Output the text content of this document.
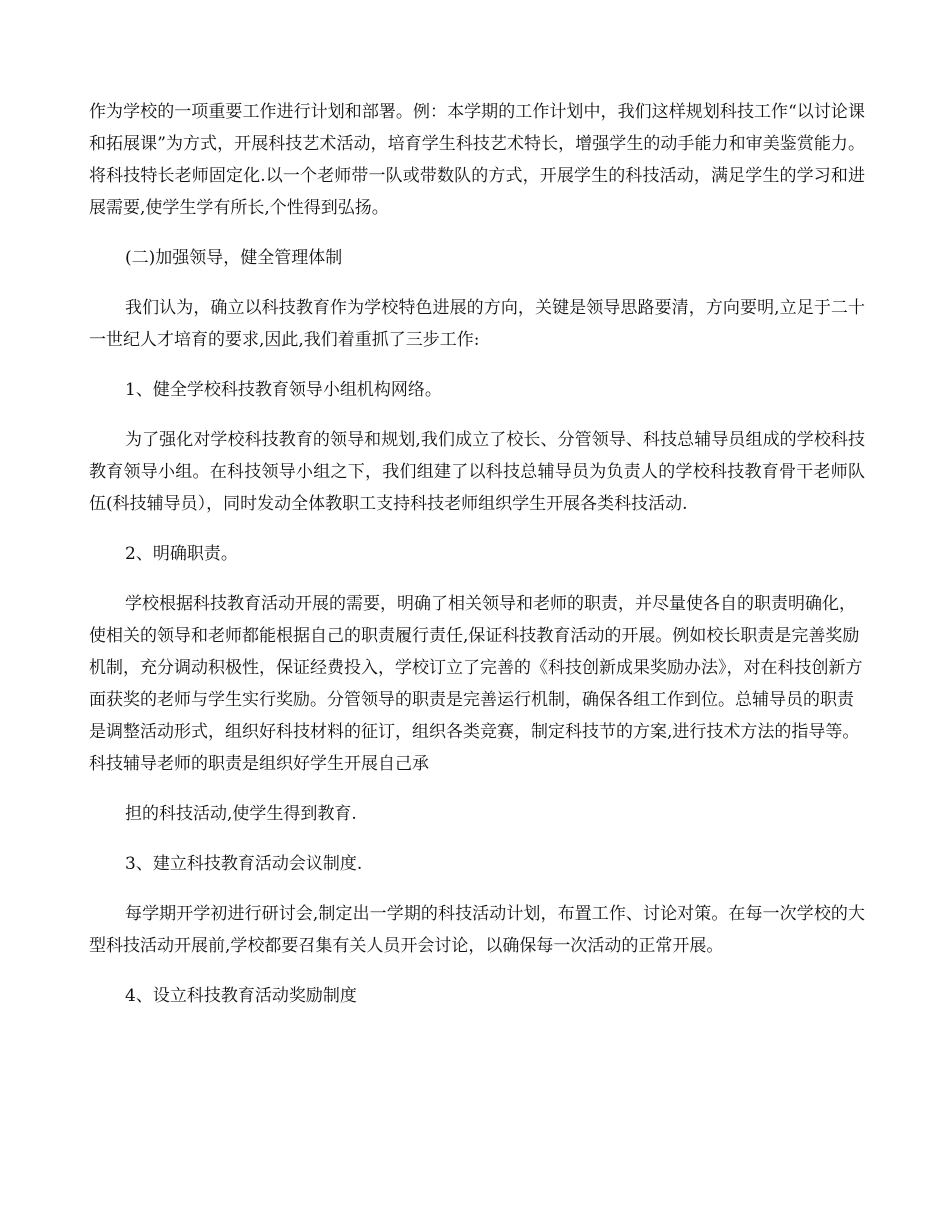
作为学校的一项重要工作进行计划和部署。例：本学期的工作计划中，我们这样规划科技工作“以讨论课和拓展课”为方式，开展科技艺术活动，培育学生科技艺术特长，增强学生的动手能力和审美鉴赏能力。将科技特长老师固定化.以一个老师带一队或带数队的方式，开展学生的科技活动，满足学生的学习和进展需要,使学生学有所长,个性得到弘扬。

(二)加强领导，健全管理体制

我们认为，确立以科技教育作为学校特色进展的方向，关键是领导思路要清，方向要明,立足于二十一世纪人才培育的要求,因此,我们着重抓了三步工作:

1、健全学校科技教育领导小组机构网络。

为了强化对学校科技教育的领导和规划,我们成立了校长、分管领导、科技总辅导员组成的学校科技教育领导小组。在科技领导小组之下，我们组建了以科技总辅导员为负责人的学校科技教育骨干老师队伍(科技辅导员），同时发动全体教职工支持科技老师组织学生开展各类科技活动.

2、明确职责。

学校根据科技教育活动开展的需要，明确了相关领导和老师的职责，并尽量使各自的职责明确化，使相关的领导和老师都能根据自己的职责履行责任,保证科技教育活动的开展。例如校长职责是完善奖励机制，充分调动积极性，保证经费投入，学校订立了完善的《科技创新成果奖励办法》，对在科技创新方面获奖的老师与学生实行奖励。分管领导的职责是完善运行机制，确保各组工作到位。总辅导员的职责是调整活动形式，组织好科技材料的征订，组织各类竞赛，制定科技节的方案,进行技术方法的指导等。科技辅导老师的职责是组织好学生开展自己承

担的科技活动,使学生得到教育.

3、建立科技教育活动会议制度.

每学期开学初进行研讨会,制定出一学期的科技活动计划，布置工作、讨论对策。在每一次学校的大型科技活动开展前,学校都要召集有关人员开会讨论，以确保每一次活动的正常开展。

4、设立科技教育活动奖励制度
